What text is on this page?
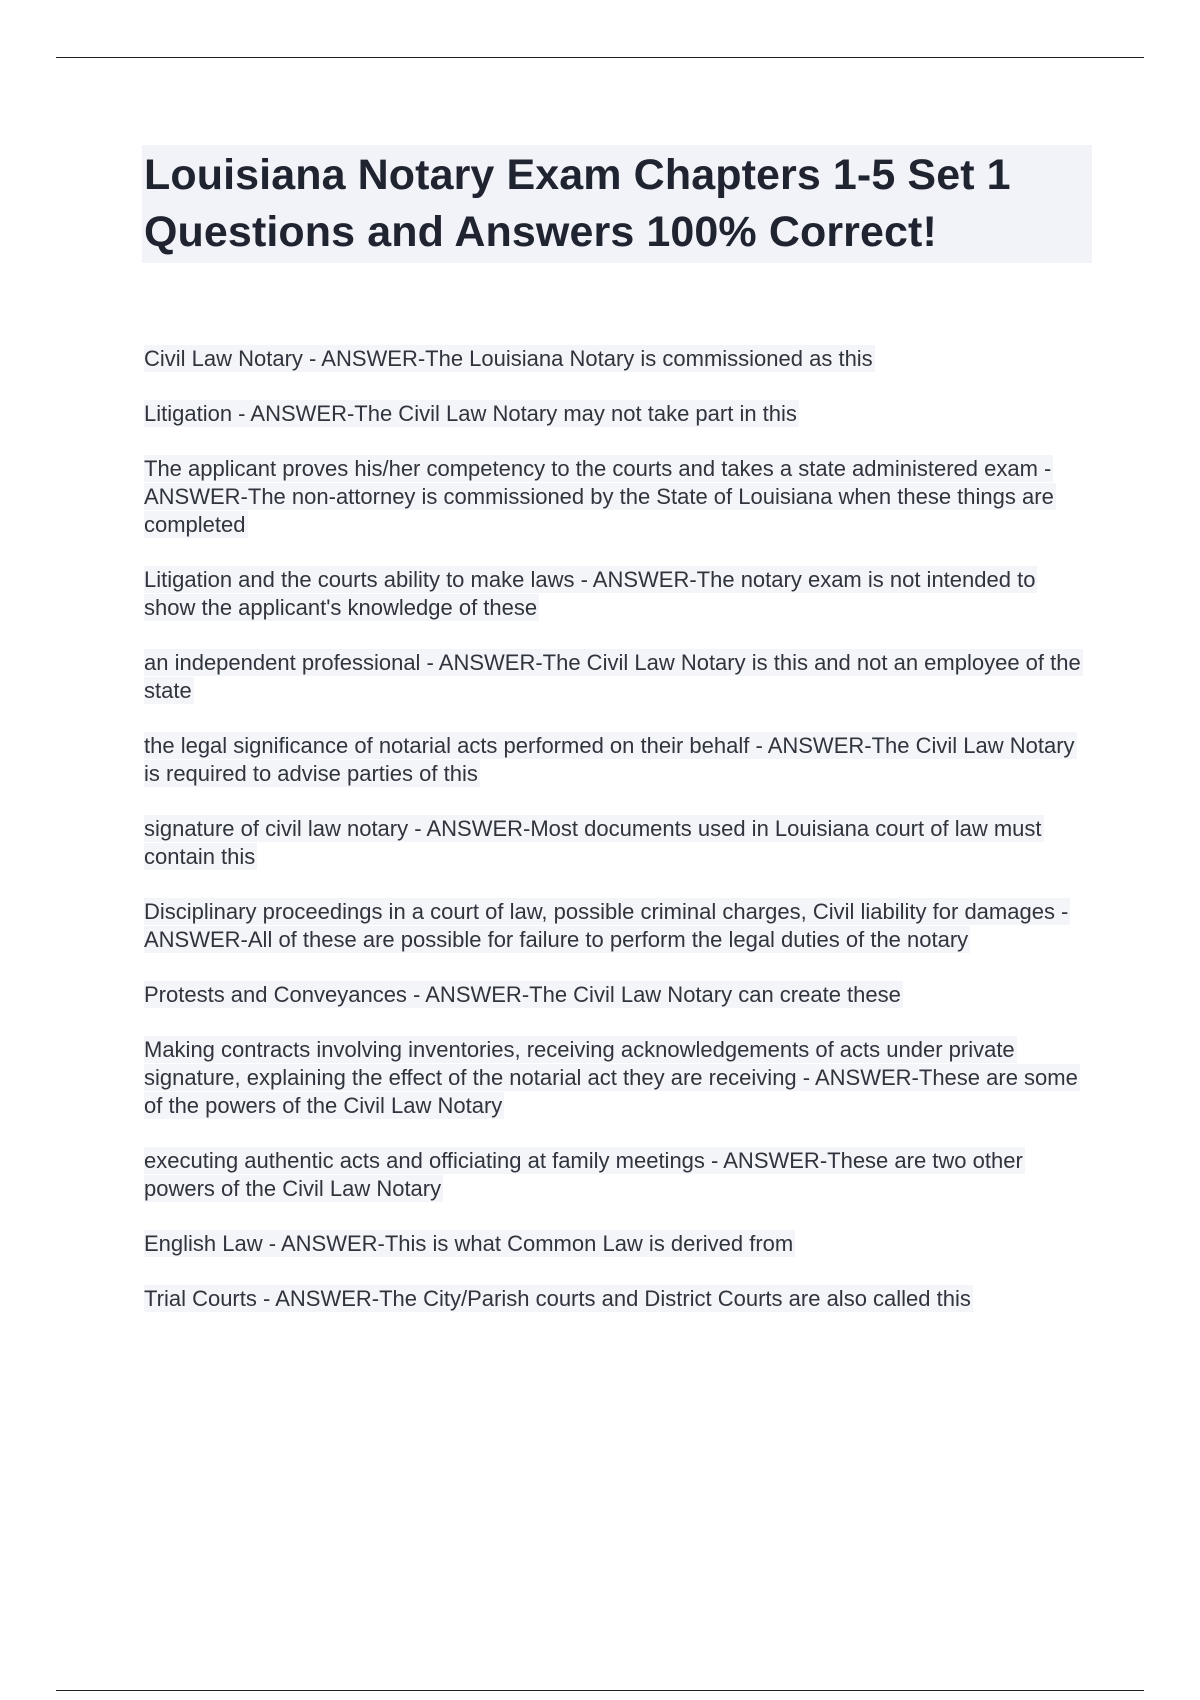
Louisiana Notary Exam Chapters 1-5 Set 1 Questions and Answers 100% Correct!
Civil Law Notary - ANSWER-The Louisiana Notary is commissioned as this
Litigation - ANSWER-The Civil Law Notary may not take part in this
The applicant proves his/her competency to the courts and takes a state administered exam - ANSWER-The non-attorney is commissioned by the State of Louisiana when these things are completed
Litigation and the courts ability to make laws - ANSWER-The notary exam is not intended to show the applicant's knowledge of these
an independent professional - ANSWER-The Civil Law Notary is this and not an employee of the state
the legal significance of notarial acts performed on their behalf - ANSWER-The Civil Law Notary is required to advise parties of this
signature of civil law notary - ANSWER-Most documents used in Louisiana court of law must contain this
Disciplinary proceedings in a court of law, possible criminal charges, Civil liability for damages - ANSWER-All of these are possible for failure to perform the legal duties of the notary
Protests and Conveyances - ANSWER-The Civil Law Notary can create these
Making contracts involving inventories, receiving acknowledgements of acts under private signature, explaining the effect of the notarial act they are receiving - ANSWER-These are some of the powers of the Civil Law Notary
executing authentic acts and officiating at family meetings - ANSWER-These are two other powers of the Civil Law Notary
English Law - ANSWER-This is what Common Law is derived from
Trial Courts - ANSWER-The City/Parish courts and District Courts are also called this
